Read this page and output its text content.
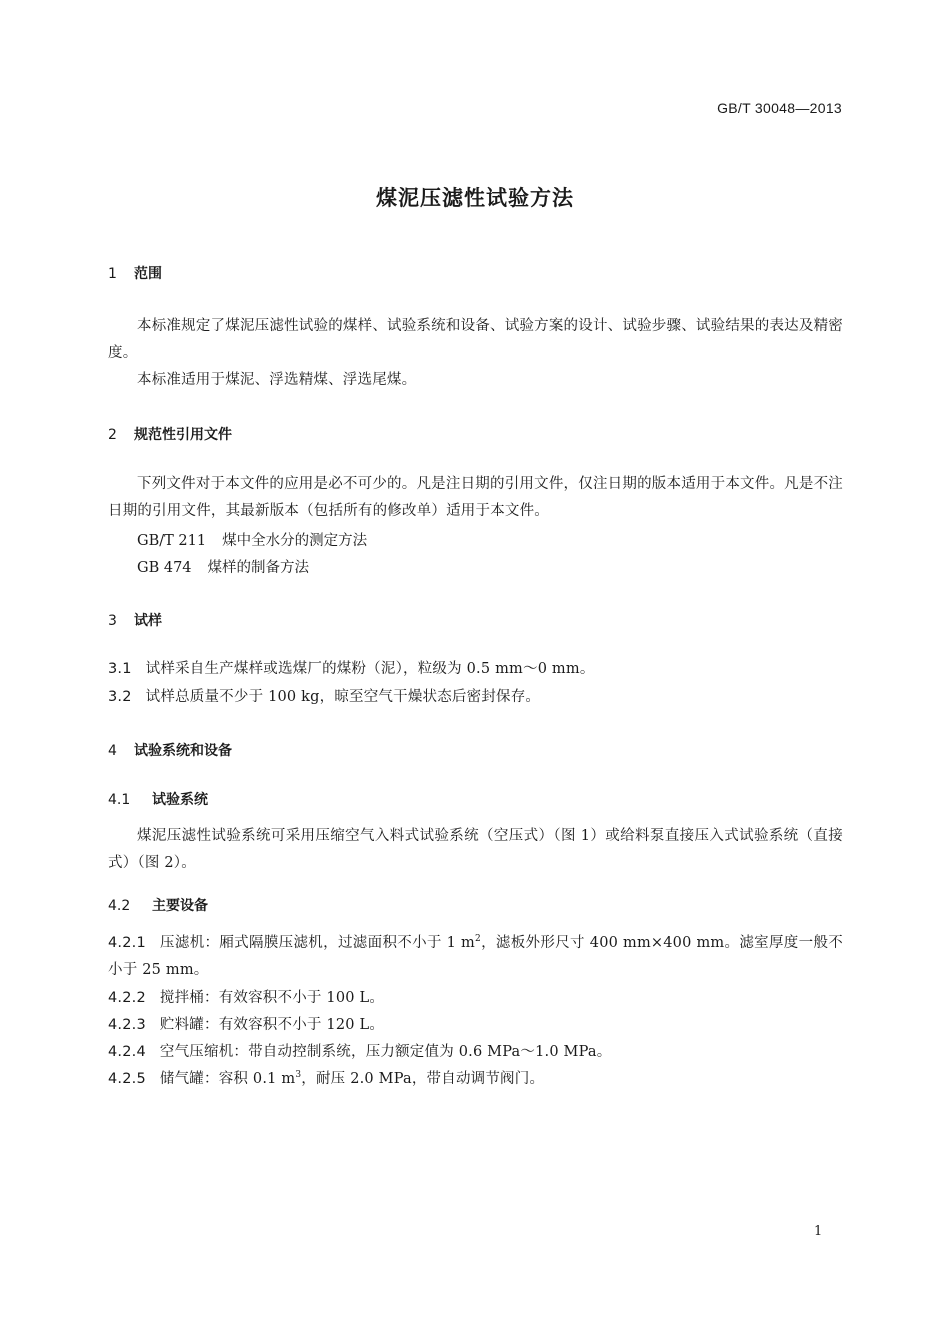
GB/T 30048—2013
煤泥压滤性试验方法
1 范围
本标准规定了煤泥压滤性试验的煤样、试验系统和设备、试验方案的设计、试验步骤、试验结果的表达及精密度。
本标准适用于煤泥、浮选精煤、浮选尾煤。
2 规范性引用文件
下列文件对于本文件的应用是必不可少的。凡是注日期的引用文件，仅注日期的版本适用于本文件。凡是不注日期的引用文件，其最新版本（包括所有的修改单）适用于本文件。
GB/T 211 煤中全水分的测定方法
GB 474 煤样的制备方法
3 试样
3.1 试样采自生产煤样或选煤厂的煤粉（泥），粒级为 0.5 mm～0 mm。
3.2 试样总质量不少于 100 kg，晾至空气干燥状态后密封保存。
4 试验系统和设备
4.1 试验系统
煤泥压滤性试验系统可采用压缩空气入料式试验系统（空压式）（图 1）或给料泵直接压入式试验系统（直接式）（图 2）。
4.2 主要设备
4.2.1 压滤机：厢式隔膜压滤机，过滤面积不小于 1 $m^2$，滤板外形尺寸 400 mm×400 mm。滤室厚度一般不小于 25 mm。
4.2.2 搅拌桶：有效容积不小于 100 L。
4.2.3 贮料罐：有效容积不小于 120 L。
4.2.4 空气压缩机：带自动控制系统，压力额定值为 0.6 MPa～1.0 MPa。
4.2.5 储气罐：容积 0.1 $m^3$，耐压 2.0 MPa，带自动调节阀门。
1
